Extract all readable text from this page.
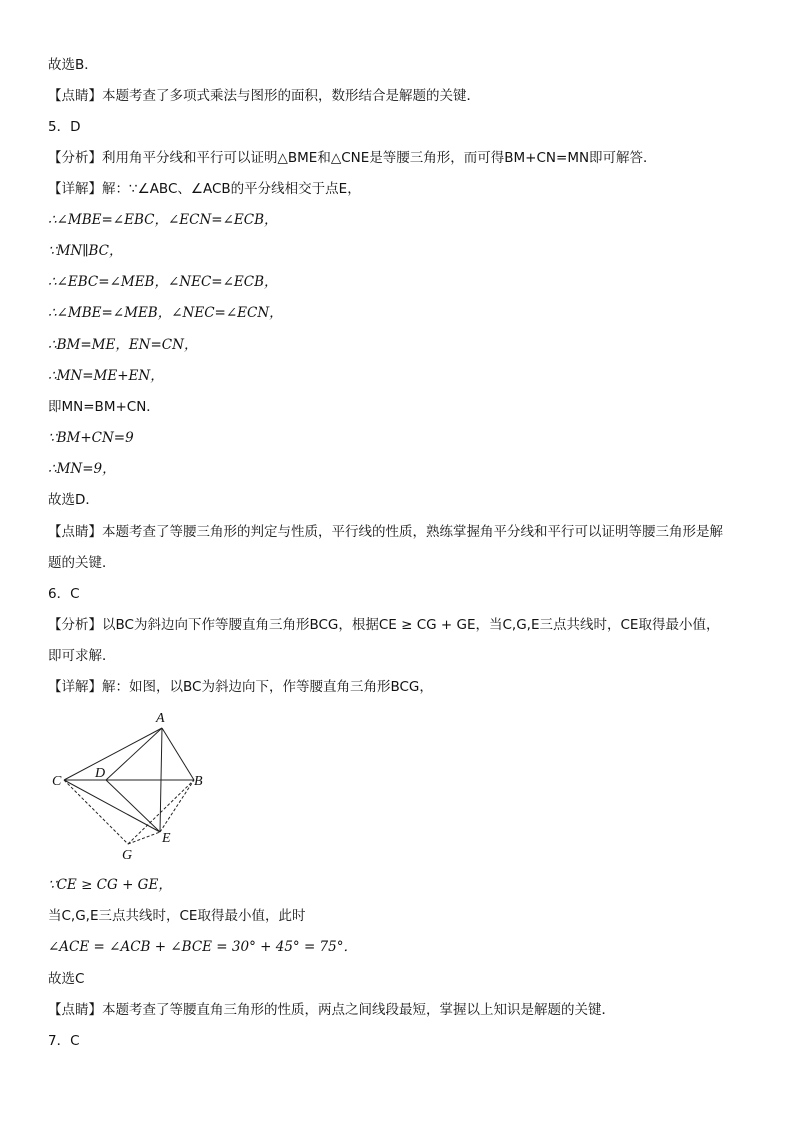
故选B．
【点睛】本题考查了多项式乘法与图形的面积，数形结合是解题的关键．
5．D
【分析】利用角平分线和平行可以证明△BME和△CNE是等腰三角形，而可得BM+CN=MN即可解答．
【详解】解：∵∠ABC、∠ACB的平分线相交于点E，
∴∠MBE=∠EBC，∠ECN=∠ECB，
∵MN∥BC，
∴∠EBC=∠MEB，∠NEC=∠ECB，
∴∠MBE=∠MEB，∠NEC=∠ECN，
∴BM=ME，EN=CN，
∴MN=ME+EN，
即MN=BM+CN．
∵BM+CN=9
∴MN=9，
故选D．
【点睛】本题考查了等腰三角形的判定与性质，平行线的性质，熟练掌握角平分线和平行可以证明等腰三角形是解
题的关键．
6．C
【分析】以BC为斜边向下作等腰直角三角形BCG，根据CE ≥ CG + GE，当C,G,E三点共线时，CE取得最小值，
即可求解．
【详解】解：如图，以BC为斜边向下，作等腰直角三角形BCG，
A
B
C
D
E
G
∵CE ≥ CG + GE，
当C,G,E三点共线时，CE取得最小值，此时
∠ACE = ∠ACB + ∠BCE = 30° + 45° = 75°．
故选C
【点睛】本题考查了等腰直角三角形的性质，两点之间线段最短，掌握以上知识是解题的关键．
7．C
